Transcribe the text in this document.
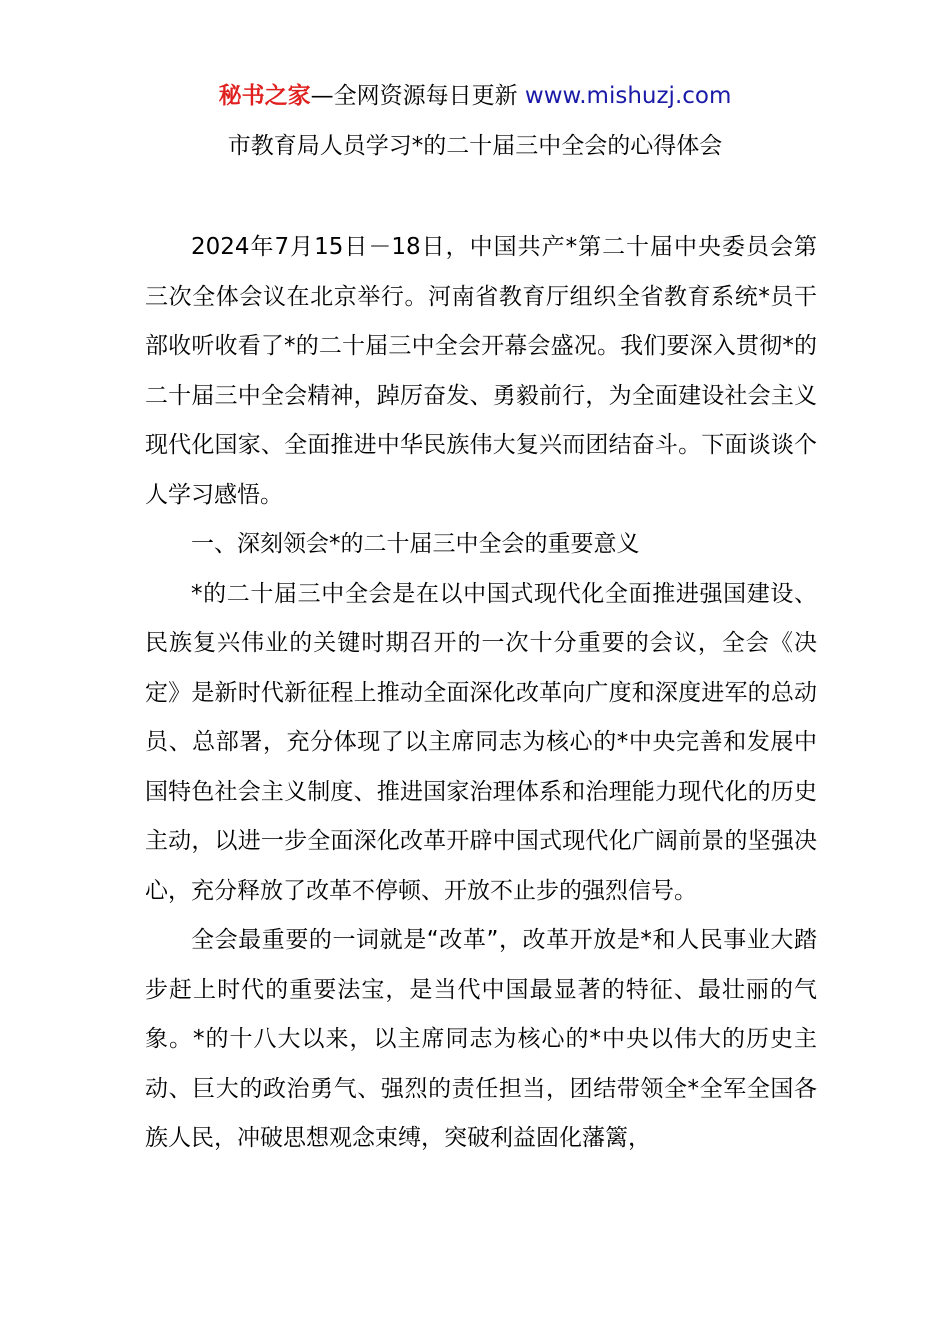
秘书之家—全网资源每日更新 www.mishuzj.com
市教育局人员学习*的二十届三中全会的心得体会

2024年7月15日－18日，中国共产*第二十届中央委员会第三次全体会议在北京举行。河南省教育厅组织全省教育系统*员干部收听收看了*的二十届三中全会开幕会盛况。我们要深入贯彻*的二十届三中全会精神，踔厉奋发、勇毅前行，为全面建设社会主义现代化国家、全面推进中华民族伟大复兴而团结奋斗。下面谈谈个人学习感悟。

一、深刻领会*的二十届三中全会的重要意义

*的二十届三中全会是在以中国式现代化全面推进强国建设、民族复兴伟业的关键时期召开的一次十分重要的会议，全会《决定》是新时代新征程上推动全面深化改革向广度和深度进军的总动员、总部署，充分体现了以主席同志为核心的*中央完善和发展中国特色社会主义制度、推进国家治理体系和治理能力现代化的历史主动，以进一步全面深化改革开辟中国式现代化广阔前景的坚强决心，充分释放了改革不停顿、开放不止步的强烈信号。

全会最重要的一词就是“改革”，改革开放是*和人民事业大踏步赶上时代的重要法宝，是当代中国最显著的特征、最壮丽的气象。*的十八大以来，以主席同志为核心的*中央以伟大的历史主动、巨大的政治勇气、强烈的责任担当，团结带领全*全军全国各族人民，冲破思想观念束缚，突破利益固化藩篱，
